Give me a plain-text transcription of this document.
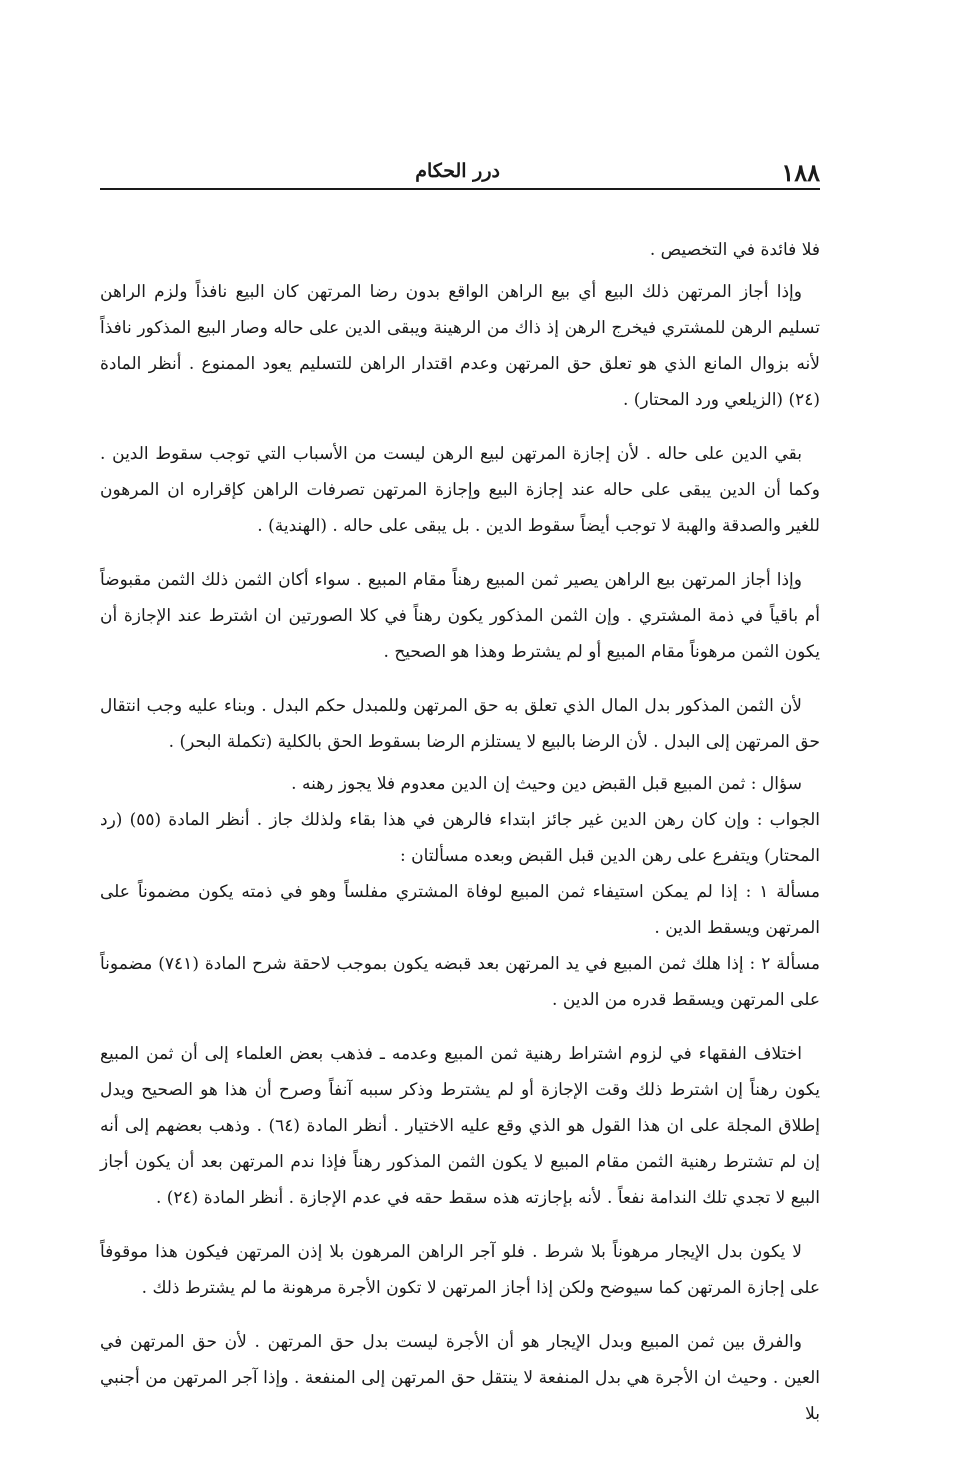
١٨٨
درر الحكام

فلا فائدة في التخصيص .

وإذا أجاز المرتهن ذلك البيع أي بيع الراهن الواقع بدون رضا المرتهن كان البيع نافذاً ولزم الراهن تسليم الرهن للمشتري فيخرج الرهن إذ ذاك من الرهينة ويبقى الدين على حاله وصار البيع المذكور نافذاً لأنه بزوال المانع الذي هو تعلق حق المرتهن وعدم اقتدار الراهن للتسليم يعود الممنوع . أنظر المادة (٢٤) (الزيلعي ورد المحتار) .

بقي الدين على حاله . لأن إجازة المرتهن لبيع الرهن ليست من الأسباب التي توجب سقوط الدين . وكما أن الدين يبقى على حاله عند إجازة البيع وإجازة المرتهن تصرفات الراهن كإقراره ان المرهون للغير والصدقة والهبة لا توجب أيضاً سقوط الدين . بل يبقى على حاله . (الهندية) .

وإذا أجاز المرتهن بيع الراهن يصير ثمن المبيع رهناً مقام المبيع . سواء أكان الثمن ذلك الثمن مقبوضاً أم باقياً في ذمة المشتري . وإن الثمن المذكور يكون رهناً في كلا الصورتين ان اشترط عند الإجازة أن يكون الثمن مرهوناً مقام المبيع أو لم يشترط وهذا هو الصحيح .

لأن الثمن المذكور بدل المال الذي تعلق به حق المرتهن وللمبدل حكم البدل . وبناء عليه وجب انتقال حق المرتهن إلى البدل . لأن الرضا بالبيع لا يستلزم الرضا بسقوط الحق بالكلية (تكملة البحر) .

سؤال : ثمن المبيع قبل القبض دين وحيث إن الدين معدوم فلا يجوز رهنه .

الجواب : وإن كان رهن الدين غير جائز ابتداء فالرهن في هذا بقاء ولذلك جاز . أنظر المادة (٥٥) (رد المحتار) ويتفرع على رهن الدين قبل القبض وبعده مسألتان :

مسألة ١ : إذا لم يمكن استيفاء ثمن المبيع لوفاة المشتري مفلساً وهو في ذمته يكون مضموناً على المرتهن ويسقط الدين .

مسألة ٢ : إذا هلك ثمن المبيع في يد المرتهن بعد قبضه يكون بموجب لاحقة شرح المادة (٧٤١) مضموناً على المرتهن ويسقط قدره من الدين .

اختلاف الفقهاء في لزوم اشتراط رهنية ثمن المبيع وعدمه ـ فذهب بعض العلماء إلى أن ثمن المبيع يكون رهناً إن اشترط ذلك وقت الإجازة أو لم يشترط وذكر سببه آنفاً وصرح أن هذا هو الصحيح ويدل إطلاق المجلة على ان هذا القول هو الذي وقع عليه الاختيار . أنظر المادة (٦٤) . وذهب بعضهم إلى أنه إن لم تشترط رهنية الثمن مقام المبيع لا يكون الثمن المذكور رهناً فإذا ندم المرتهن بعد أن يكون أجاز البيع لا تجدي تلك الندامة نفعاً . لأنه بإجازته هذه سقط حقه في عدم الإجازة . أنظر المادة (٢٤) .

لا يكون بدل الإيجار مرهوناً بلا شرط . فلو آجر الراهن المرهون بلا إذن المرتهن فيكون هذا موقوفاً على إجازة المرتهن كما سيوضح ولكن إذا أجاز المرتهن لا تكون الأجرة مرهونة ما لم يشترط ذلك .

والفرق بين ثمن المبيع وبدل الإيجار هو أن الأجرة ليست بدل حق المرتهن . لأن حق المرتهن في العين . وحيث ان الأجرة هي بدل المنفعة لا ينتقل حق المرتهن إلى المنفعة . وإذا آجر المرتهن من أجنبي بلا
